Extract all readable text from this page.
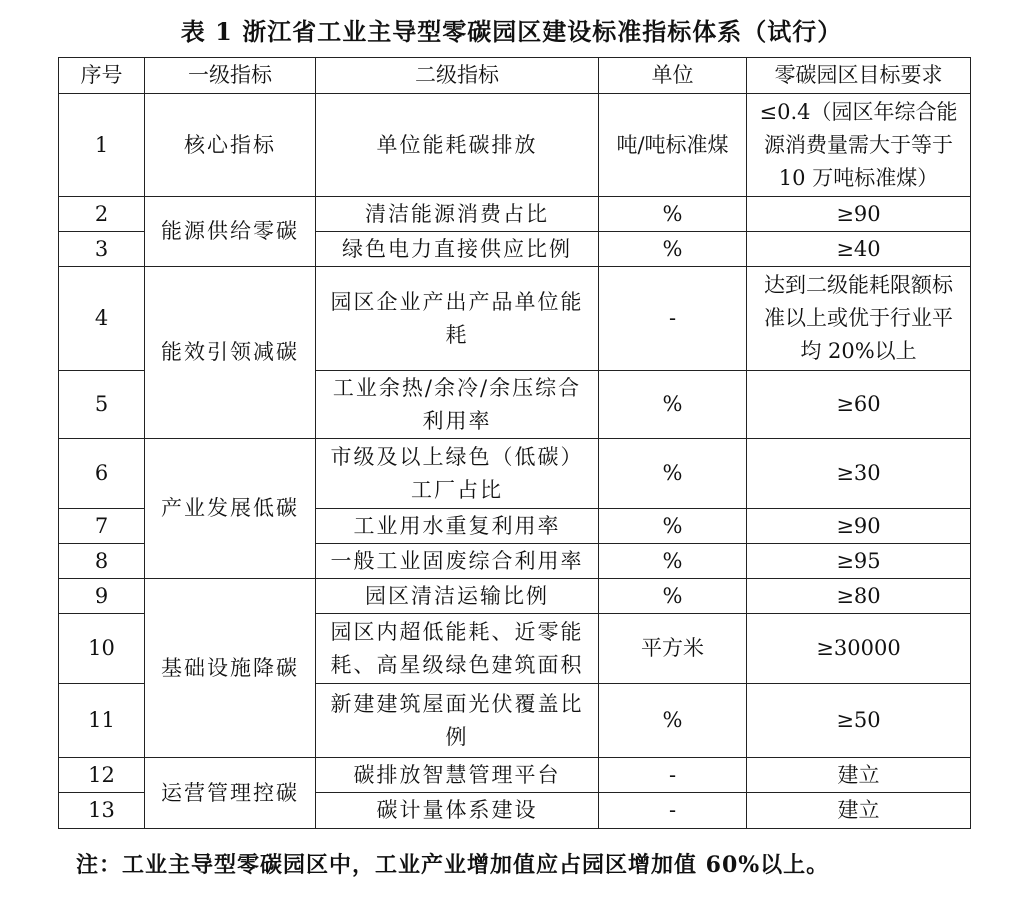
表 1 浙江省工业主导型零碳园区建设标准指标体系（试行）
序号	一级指标	二级指标	单位	零碳园区目标要求
1	核心指标	单位能耗碳排放	吨/吨标准煤	≤0.4（园区年综合能源消费量需大于等于 10 万吨标准煤）
2	能源供给零碳	清洁能源消费占比	%	≥90
3		绿色电力直接供应比例	%	≥40
4	能效引领减碳	园区企业产出产品单位能耗	-	达到二级能耗限额标准以上或优于行业平均 20%以上
5		工业余热/余冷/余压综合利用率	%	≥60
6	产业发展低碳	市级及以上绿色（低碳）工厂占比	%	≥30
7		工业用水重复利用率	%	≥90
8		一般工业固废综合利用率	%	≥95
9	基础设施降碳	园区清洁运输比例	%	≥80
10		园区内超低能耗、近零能耗、高星级绿色建筑面积	平方米	≥30000
11		新建建筑屋面光伏覆盖比例	%	≥50
12	运营管理控碳	碳排放智慧管理平台	-	建立
13		碳计量体系建设	-	建立
注：工业主导型零碳园区中，工业产业增加值应占园区增加值 60%以上。
